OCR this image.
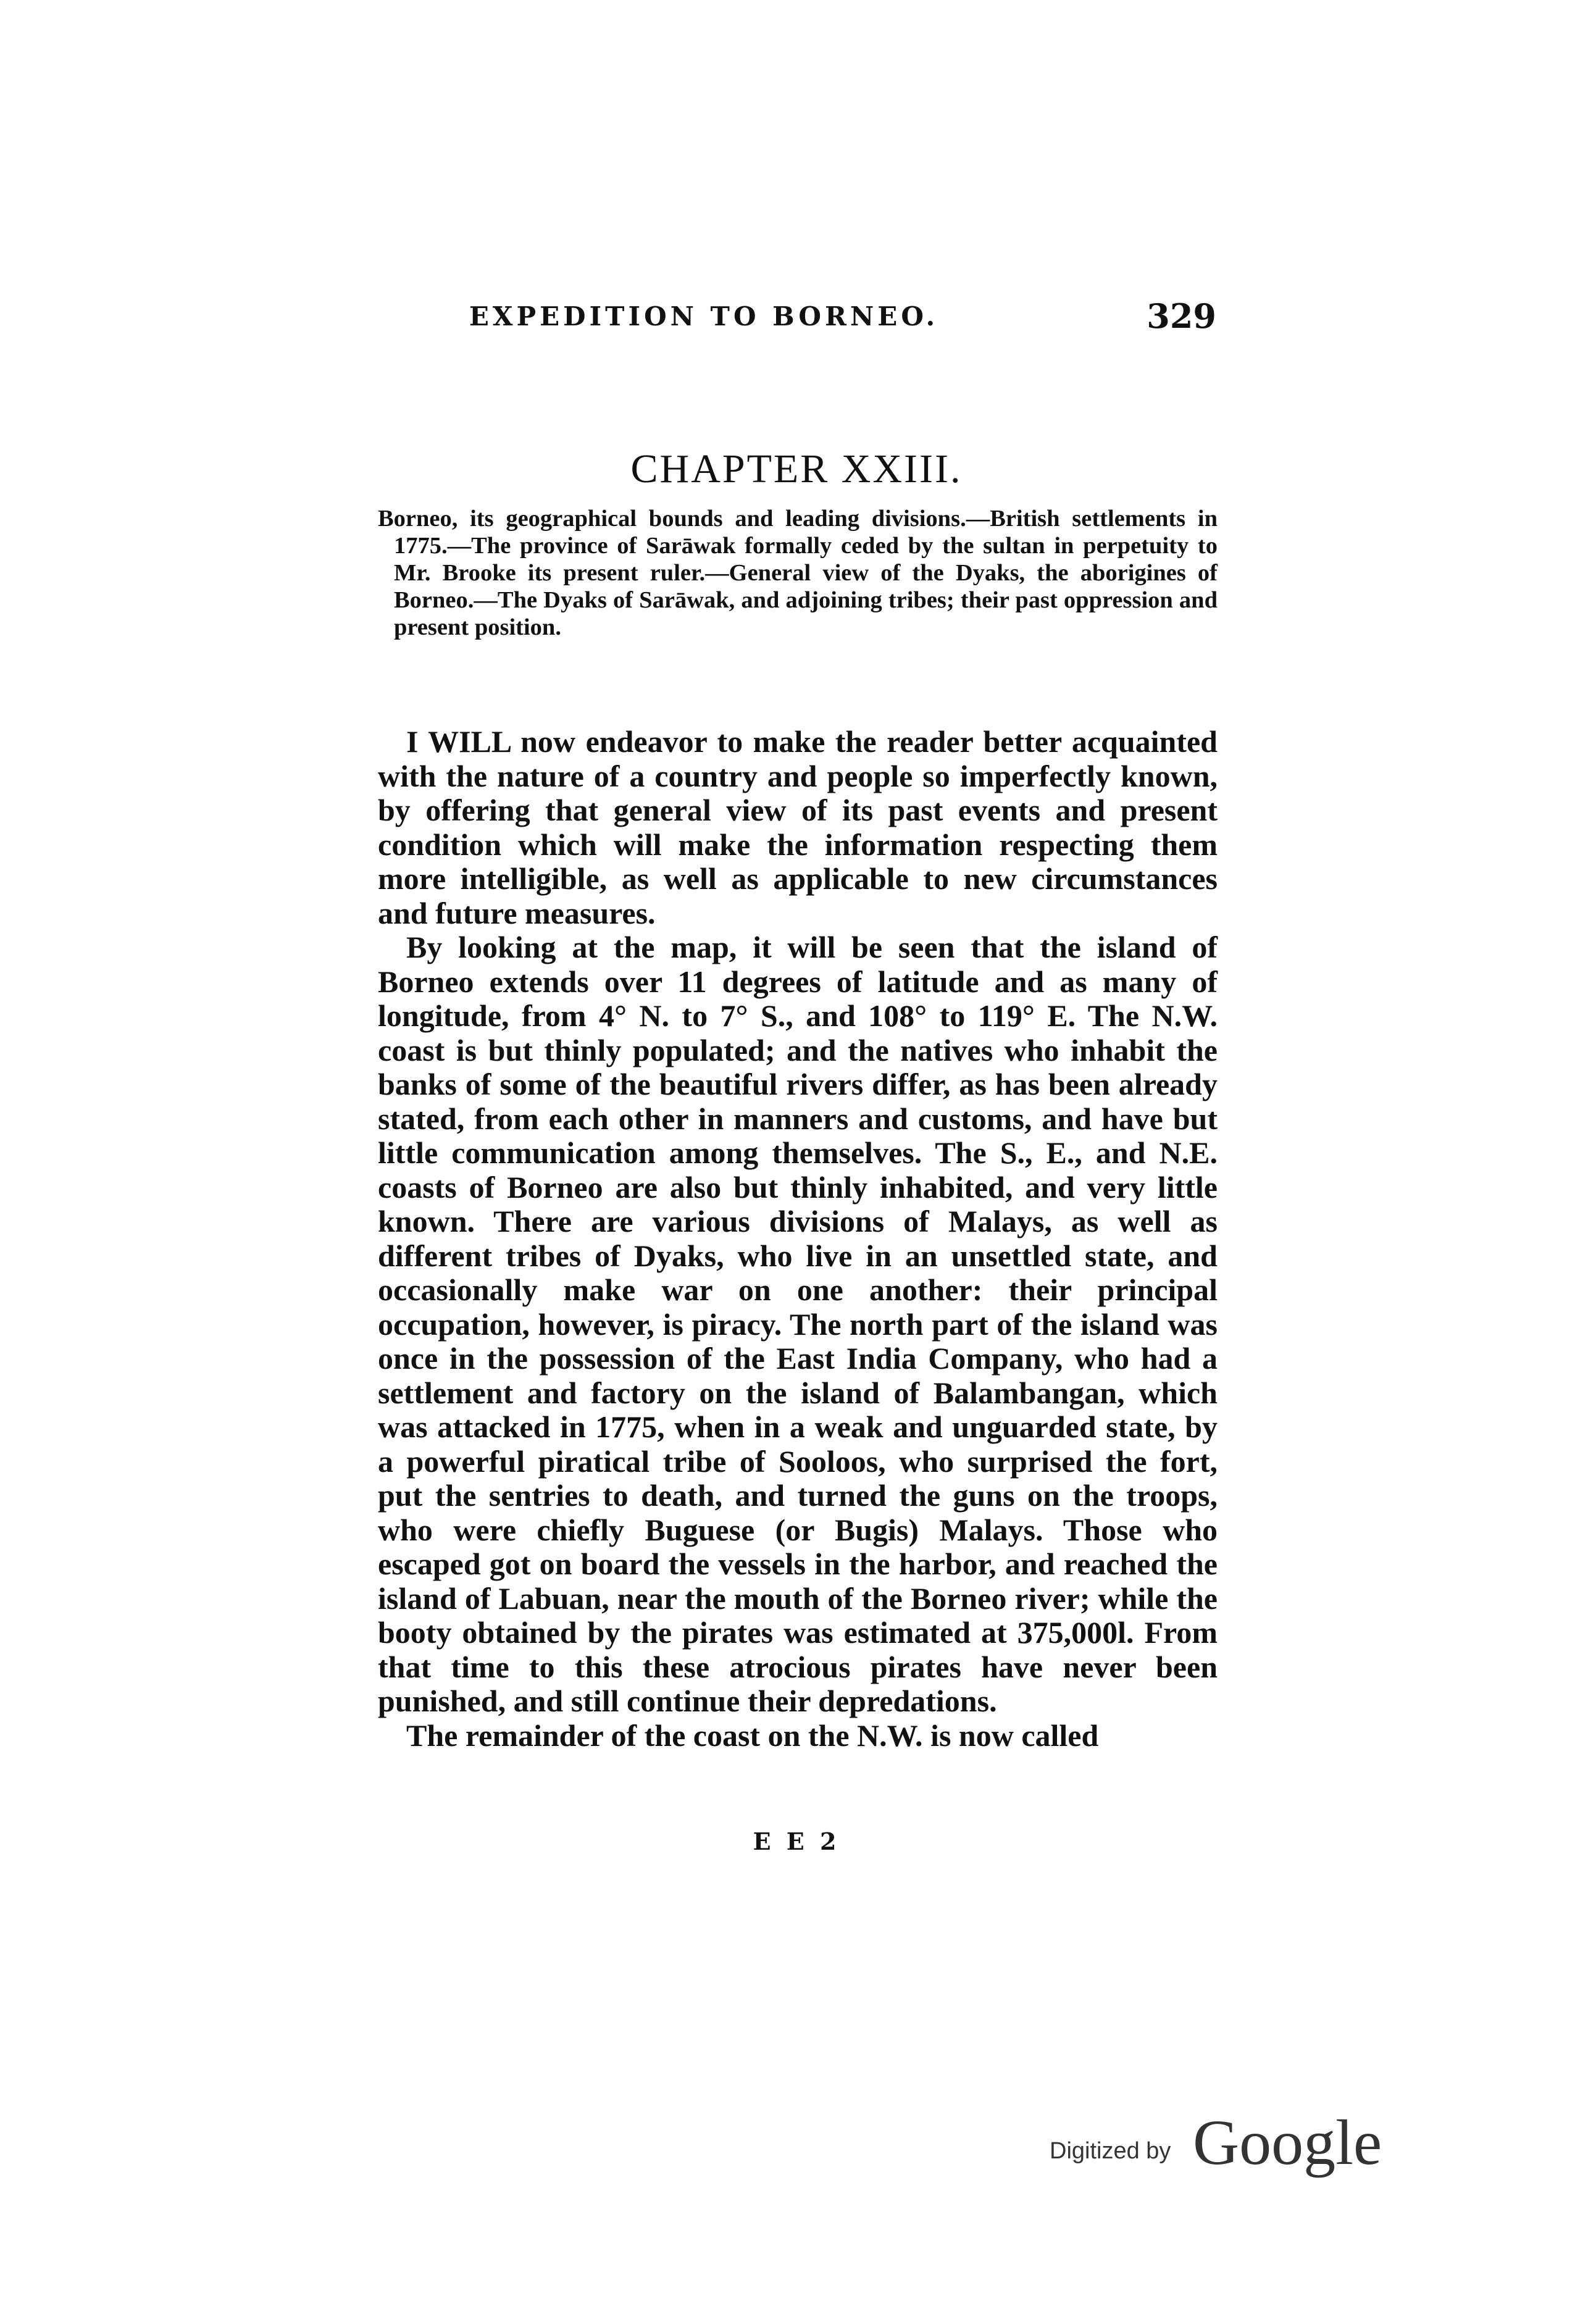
EXPEDITION TO BORNEO.	329
CHAPTER XXIII.
Borneo, its geographical bounds and leading divisions.—British settlements in 1775.—The province of Sarāwak formally ceded by the sultan in perpetuity to Mr. Brooke its present ruler.—General view of the Dyaks, the aborigines of Borneo.—The Dyaks of Sarāwak, and adjoining tribes; their past oppression and present position.

I WILL now endeavor to make the reader better acquainted with the nature of a country and people so imperfectly known, by offering that general view of its past events and present condition which will make the information respecting them more intelligible, as well as applicable to new circumstances and future measures.

By looking at the map, it will be seen that the island of Borneo extends over 11 degrees of latitude and as many of longitude, from 4° N. to 7° S., and 108° to 119° E. The N.W. coast is but thinly populated; and the natives who inhabit the banks of some of the beautiful rivers differ, as has been already stated, from each other in manners and customs, and have but little communication among themselves. The S., E., and N.E. coasts of Borneo are also but thinly inhabited, and very little known. There are various divisions of Malays, as well as different tribes of Dyaks, who live in an unsettled state, and occasionally make war on one another: their principal occupation, however, is piracy. The north part of the island was once in the possession of the East India Company, who had a settlement and factory on the island of Balambangan, which was attacked in 1775, when in a weak and unguarded state, by a powerful piratical tribe of Sooloos, who surprised the fort, put the sentries to death, and turned the guns on the troops, who were chiefly Buguese (or Bugis) Malays. Those who escaped got on board the vessels in the harbor, and reached the island of Labuan, near the mouth of the Borneo river; while the booty obtained by the pirates was estimated at 375,000l. From that time to this these atrocious pirates have never been punished, and still continue their depredations.

The remainder of the coast on the N.W. is now called

E E 2
Digitized by Google
